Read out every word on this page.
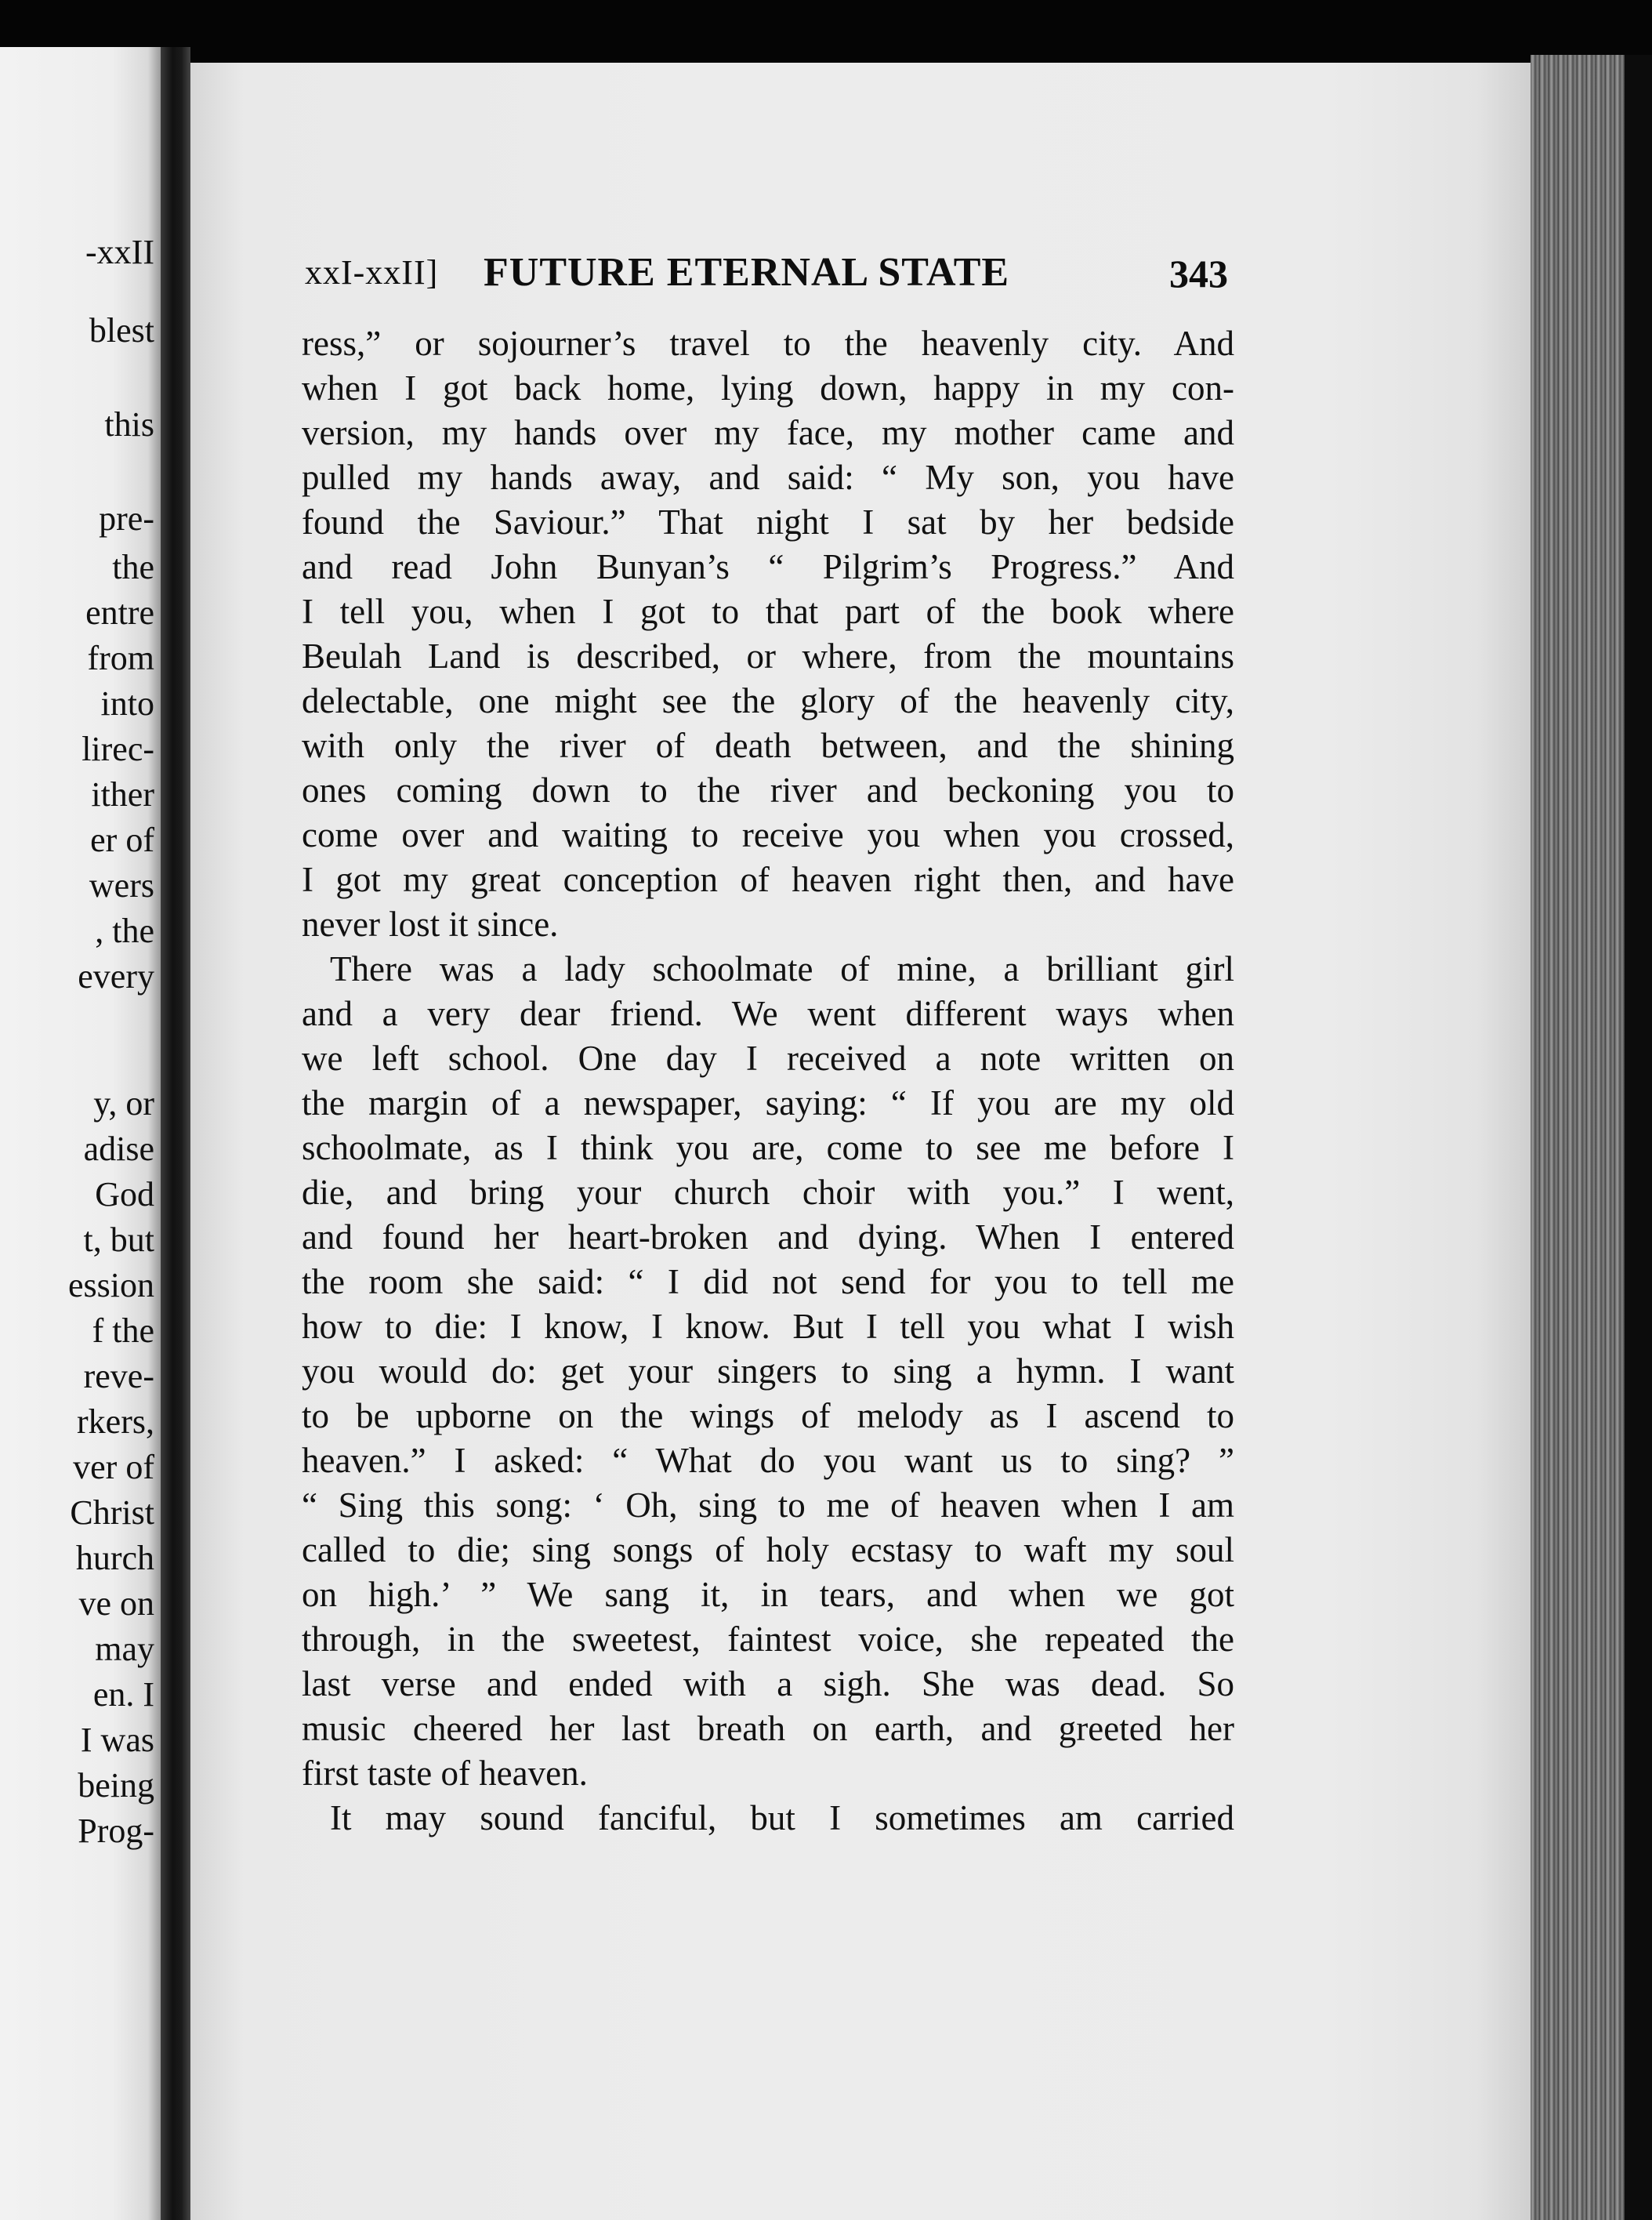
-xxII
blest
this
pre-
the
entre
from
into
lirec-
ither
er of
wers
, the
every
y, or
adise
God
t, but
ession
f the
reve-
rkers,
ver of
Christ
hurch
ve on
may
en. I
I was
being
Prog-
xxI-xxII] FUTURE ETERNAL STATE	343
ress,” or sojourner’s travel to the heavenly city. And
when I got back home, lying down, happy in my con-
version, my hands over my face, my mother came and
pulled my hands away, and said: “ My son, you have
found the Saviour.” That night I sat by her bedside
and read John Bunyan’s “ Pilgrim’s Progress.” And
I tell you, when I got to that part of the book where
Beulah Land is described, or where, from the mountains
delectable, one might see the glory of the heavenly city,
with only the river of death between, and the shining
ones coming down to the river and beckoning you to
come over and waiting to receive you when you crossed,
I got my great conception of heaven right then, and have
never lost it since.
There was a lady schoolmate of mine, a brilliant girl
and a very dear friend. We went different ways when
we left school. One day I received a note written on
the margin of a newspaper, saying: “ If you are my old
schoolmate, as I think you are, come to see me before I
die, and bring your church choir with you.” I went,
and found her heart-broken and dying. When I entered
the room she said: “ I did not send for you to tell me
how to die: I know, I know. But I tell you what I wish
you would do: get your singers to sing a hymn. I want
to be upborne on the wings of melody as I ascend to
heaven.” I asked: “ What do you want us to sing? ”
“ Sing this song: ‘ Oh, sing to me of heaven when I am
called to die; sing songs of holy ecstasy to waft my soul
on high.’ ” We sang it, in tears, and when we got
through, in the sweetest, faintest voice, she repeated the
last verse and ended with a sigh. She was dead. So
music cheered her last breath on earth, and greeted her
first taste of heaven.
It may sound fanciful, but I sometimes am carried
